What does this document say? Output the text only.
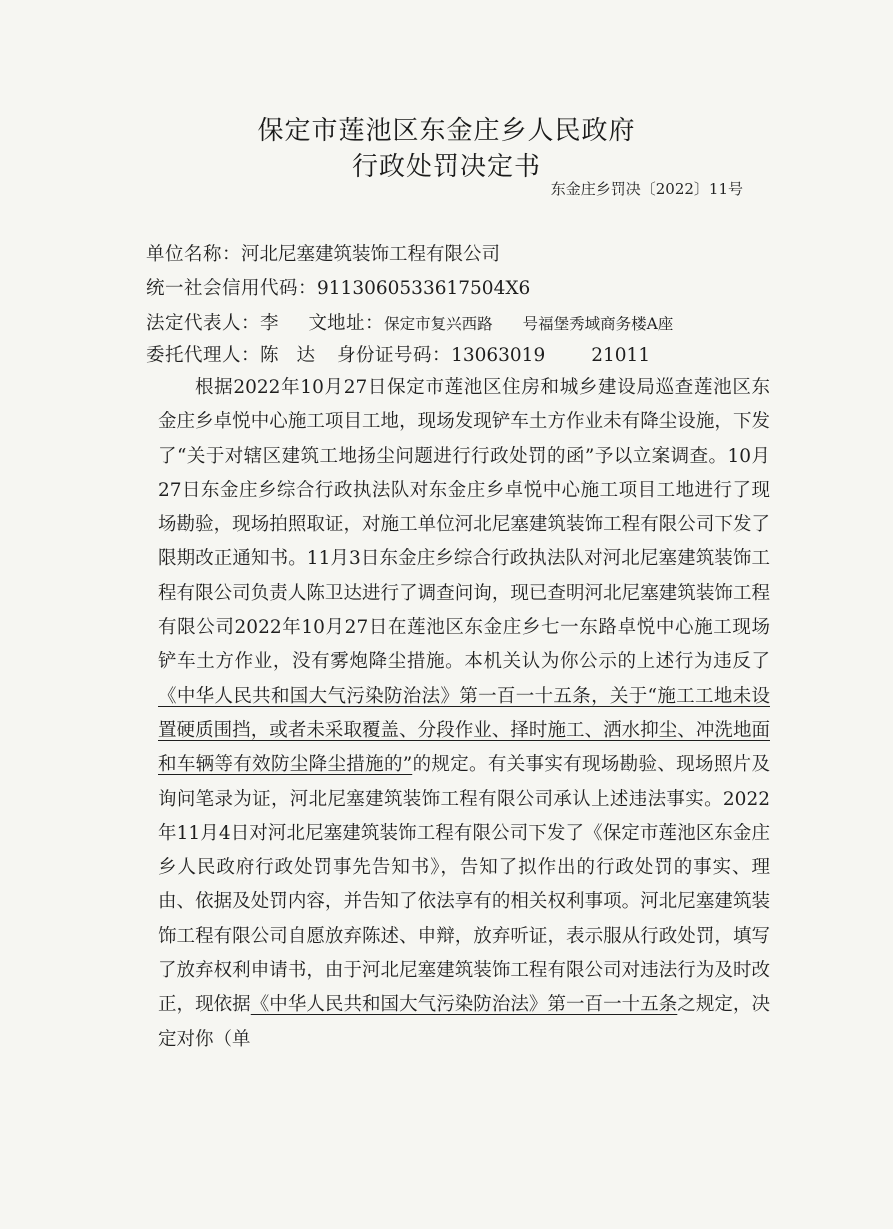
保定市莲池区东金庄乡人民政府
行政处罚决定书
东金庄乡罚决〔2022〕11号
单位名称：河北尼塞建筑装饰工程有限公司
统一社会信用代码：9113060533617504X6
法定代表人：李 文地址：保定市复兴西路 号福堡秀域商务楼A座
委托代理人：陈 达 身份证号码：13063019 21011
根据2022年10月27日保定市莲池区住房和城乡建设局巡查莲池区东金庄乡卓悦中心施工项目工地，现场发现铲车土方作业未有降尘设施，下发了“关于对辖区建筑工地扬尘问题进行行政处罚的函”予以立案调查。10月27日东金庄乡综合行政执法队对东金庄乡卓悦中心施工项目工地进行了现场勘验，现场拍照取证，对施工单位河北尼塞建筑装饰工程有限公司下发了限期改正通知书。11月3日东金庄乡综合行政执法队对河北尼塞建筑装饰工程有限公司负责人陈卫达进行了调查问询，现已查明河北尼塞建筑装饰工程有限公司2022年10月27日在莲池区东金庄乡七一东路卓悦中心施工现场铲车土方作业，没有雾炮降尘措施。本机关认为你公示的上述行为违反了《中华人民共和国大气污染防治法》第一百一十五条，关于“施工工地未设置硬质围挡，或者未采取覆盖、分段作业、择时施工、洒水抑尘、冲洗地面和车辆等有效防尘降尘措施的”的规定。有关事实有现场勘验、现场照片及询问笔录为证，河北尼塞建筑装饰工程有限公司承认上述违法事实。2022年11月4日对河北尼塞建筑装饰工程有限公司下发了《保定市莲池区东金庄乡人民政府行政处罚事先告知书》，告知了拟作出的行政处罚的事实、理由、依据及处罚内容，并告知了依法享有的相关权利事项。河北尼塞建筑装饰工程有限公司自愿放弃陈述、申辩，放弃听证，表示服从行政处罚，填写了放弃权利申请书，由于河北尼塞建筑装饰工程有限公司对违法行为及时改正，现依据《中华人民共和国大气污染防治法》第一百一十五条之规定，决定对你（单
